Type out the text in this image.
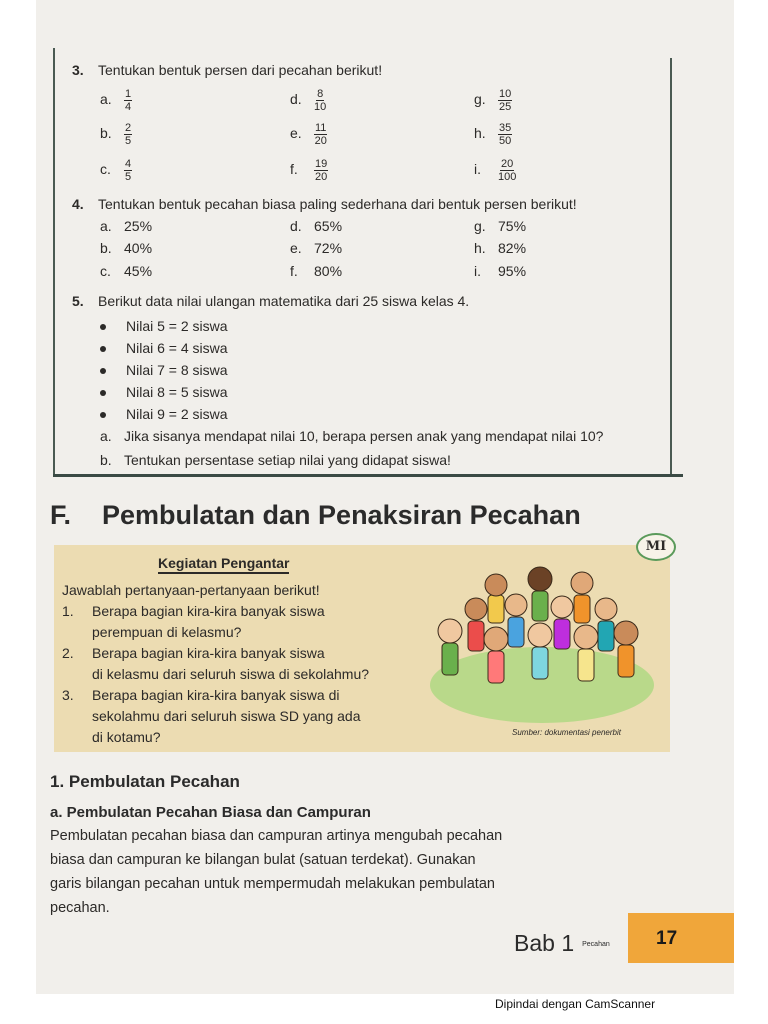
3. Tentukan bentuk persen dari pecahan berikut!
a. $\frac{1}{4}$	d. $\frac{8}{10}$	g. $\frac{10}{25}$
b. $\frac{2}{5}$	e. $\frac{11}{20}$	h. $\frac{35}{50}$
c. $\frac{4}{5}$	f. $\frac{19}{20}$	i. $\frac{20}{100}$
4. Tentukan bentuk pecahan biasa paling sederhana dari bentuk persen berikut!
a. 25%	d. 65%	g. 75%
b. 40%	e. 72%	h. 82%
c. 45%	f. 80%	i. 95%
5. Berikut data nilai ulangan matematika dari 25 siswa kelas 4.
Nilai 5 = 2 siswa
Nilai 6 = 4 siswa
Nilai 7 = 8 siswa
Nilai 8 = 5 siswa
Nilai 9 = 2 siswa
a. Jika sisanya mendapat nilai 10, berapa persen anak yang mendapat nilai 10?
b. Tentukan persentase setiap nilai yang didapat siswa!
F. Pembulatan dan Penaksiran Pecahan
Kegiatan Pengantar
Jawablah pertanyaan-pertanyaan berikut!
1. Berapa bagian kira-kira banyak siswa
perempuan di kelasmu?
2. Berapa bagian kira-kira banyak siswa
di kelasmu dari seluruh siswa di sekolahmu?
3. Berapa bagian kira-kira banyak siswa di
sekolahmu dari seluruh siswa SD yang ada
di kotamu?
MI
Sumber: dokumentasi penerbit
1. Pembulatan Pecahan
a. Pembulatan Pecahan Biasa dan Campuran
Pembulatan pecahan biasa dan campuran artinya mengubah pecahan
biasa dan campuran ke bilangan bulat (satuan terdekat). Gunakan
garis bilangan pecahan untuk mempermudah melakukan pembulatan
pecahan.
Bab 1 Pecahan 17
Dipindai dengan CamScanner
